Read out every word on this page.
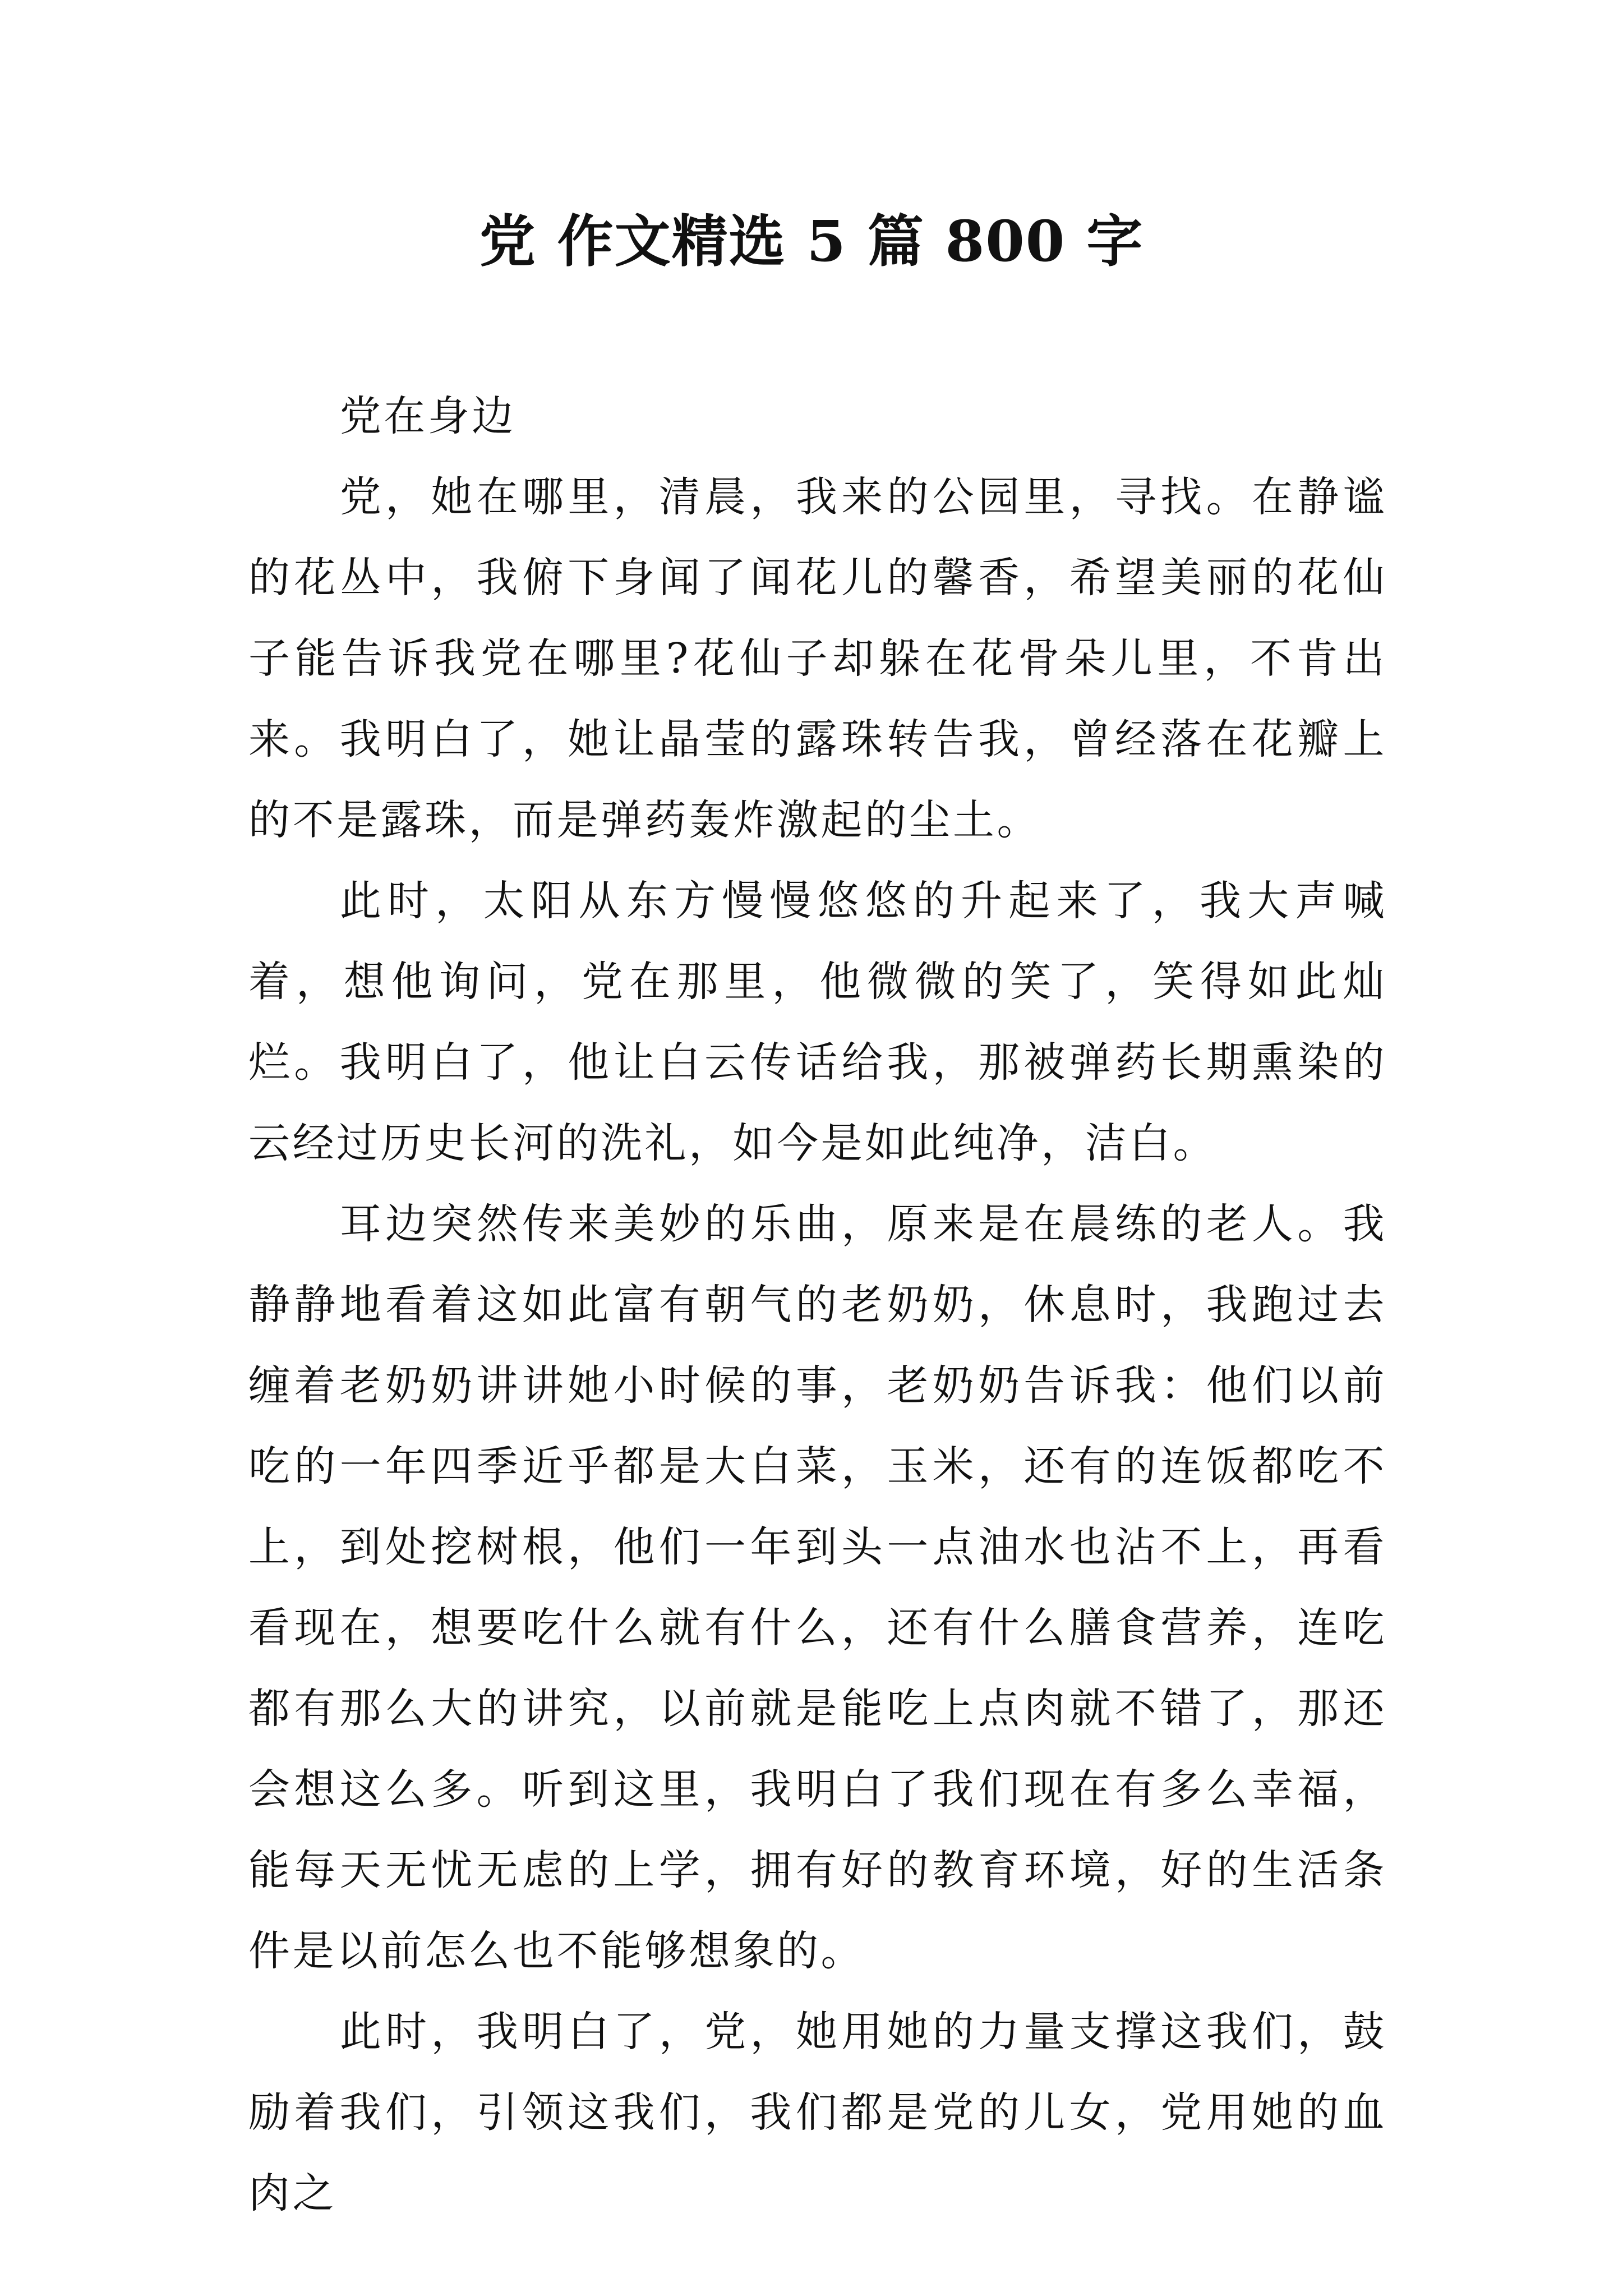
党 作文精选 5 篇 800 字

党在身边

党，她在哪里，清晨，我来的公园里，寻找。在静谧的花丛中，我俯下身闻了闻花儿的馨香，希望美丽的花仙子能告诉我党在哪里?花仙子却躲在花骨朵儿里，不肯出来。我明白了，她让晶莹的露珠转告我，曾经落在花瓣上的不是露珠，而是弹药轰炸激起的尘土。

此时，太阳从东方慢慢悠悠的升起来了，我大声喊着，想他询问，党在那里，他微微的笑了，笑得如此灿烂。我明白了，他让白云传话给我，那被弹药长期熏染的云经过历史长河的洗礼，如今是如此纯净，洁白。

耳边突然传来美妙的乐曲，原来是在晨练的老人。我静静地看着这如此富有朝气的老奶奶，休息时，我跑过去缠着老奶奶讲讲她小时候的事，老奶奶告诉我：他们以前吃的一年四季近乎都是大白菜，玉米，还有的连饭都吃不上，到处挖树根，他们一年到头一点油水也沾不上，再看看现在，想要吃什么就有什么，还有什么膳食营养，连吃都有那么大的讲究，以前就是能吃上点肉就不错了，那还会想这么多。听到这里，我明白了我们现在有多么幸福，能每天无忧无虑的上学，拥有好的教育环境，好的生活条件是以前怎么也不能够想象的。

此时，我明白了，党，她用她的力量支撑这我们，鼓励着我们，引领这我们，我们都是党的儿女，党用她的血肉之
